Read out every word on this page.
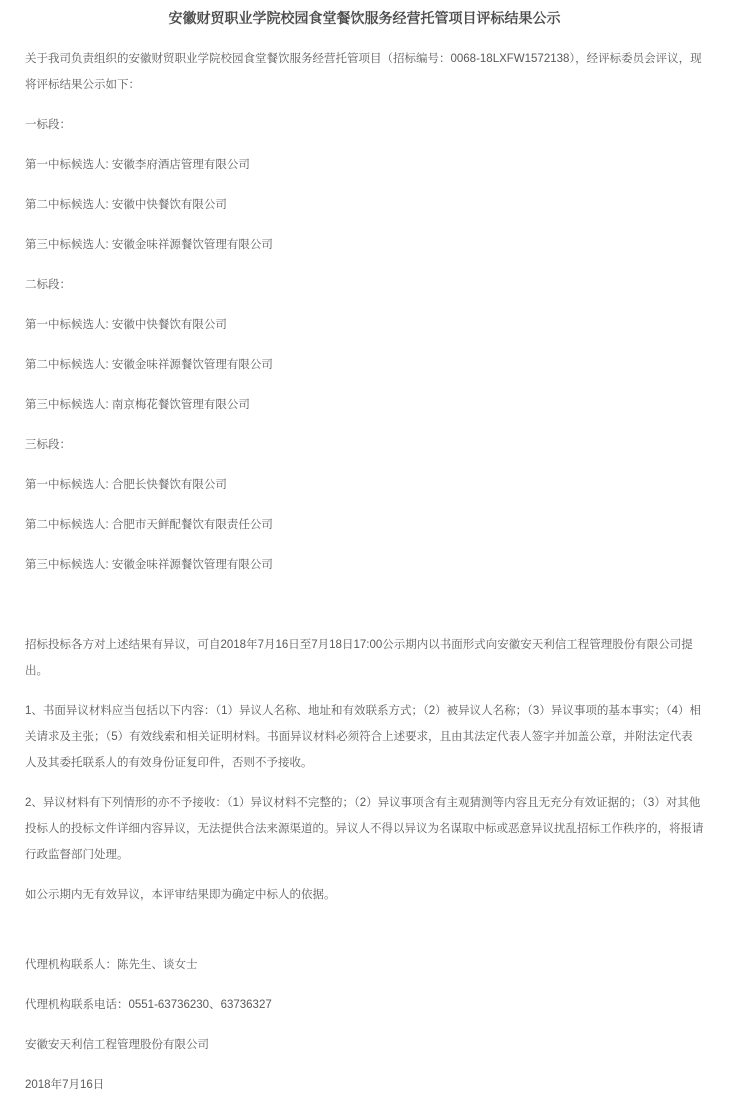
安徽财贸职业学院校园食堂餐饮服务经营托管项目评标结果公示

关于我司负责组织的安徽财贸职业学院校园食堂餐饮服务经营托管项目（招标编号：0068-18LXFW1572138），经评标委员会评议，现将评标结果公示如下：

一标段：

第一中标候选人: 安徽李府酒店管理有限公司

第二中标候选人: 安徽中快餐饮有限公司

第三中标候选人: 安徽金味祥源餐饮管理有限公司

二标段：

第一中标候选人: 安徽中快餐饮有限公司

第二中标候选人: 安徽金味祥源餐饮管理有限公司

第三中标候选人: 南京梅花餐饮管理有限公司

三标段：

第一中标候选人: 合肥长快餐饮有限公司

第二中标候选人: 合肥市天鲜配餐饮有限责任公司

第三中标候选人: 安徽金味祥源餐饮管理有限公司

招标投标各方对上述结果有异议，可自2018年7月16日至7月18日17:00公示期内以书面形式向安徽安天利信工程管理股份有限公司提出。

1、书面异议材料应当包括以下内容：（1）异议人名称、地址和有效联系方式；（2）被异议人名称；（3）异议事项的基本事实；（4）相关请求及主张；（5）有效线索和相关证明材料。书面异议材料必须符合上述要求，且由其法定代表人签字并加盖公章，并附法定代表人及其委托联系人的有效身份证复印件，否则不予接收。

2、异议材料有下列情形的亦不予接收：（1）异议材料不完整的；（2）异议事项含有主观猜测等内容且无充分有效证据的；（3）对其他投标人的投标文件详细内容异议，无法提供合法来源渠道的。异议人不得以异议为名谋取中标或恶意异议扰乱招标工作秩序的，将报请行政监督部门处理。

如公示期内无有效异议，本评审结果即为确定中标人的依据。

代理机构联系人：陈先生、谈女士

代理机构联系电话：0551-63736230、63736327

安徽安天利信工程管理股份有限公司

2018年7月16日
